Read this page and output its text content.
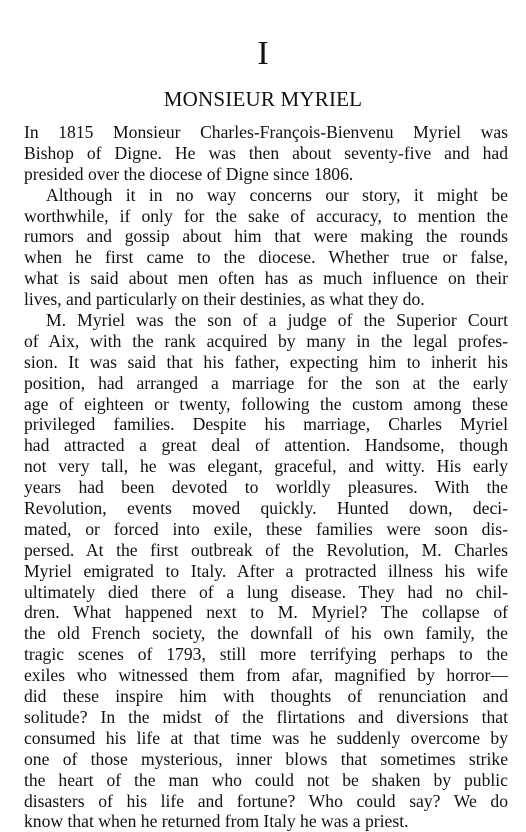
I
MONSIEUR MYRIEL
In 1815 Monsieur Charles-François-Bienvenu Myriel was
Bishop of Digne. He was then about seventy-five and had
presided over the diocese of Digne since 1806.
Although it in no way concerns our story, it might be
worthwhile, if only for the sake of accuracy, to mention the
rumors and gossip about him that were making the rounds
when he first came to the diocese. Whether true or false,
what is said about men often has as much influence on their
lives, and particularly on their destinies, as what they do.
M. Myriel was the son of a judge of the Superior Court
of Aix, with the rank acquired by many in the legal profes-
sion. It was said that his father, expecting him to inherit his
position, had arranged a marriage for the son at the early
age of eighteen or twenty, following the custom among these
privileged families. Despite his marriage, Charles Myriel
had attracted a great deal of attention. Handsome, though
not very tall, he was elegant, graceful, and witty. His early
years had been devoted to worldly pleasures. With the
Revolution, events moved quickly. Hunted down, deci-
mated, or forced into exile, these families were soon dis-
persed. At the first outbreak of the Revolution, M. Charles
Myriel emigrated to Italy. After a protracted illness his wife
ultimately died there of a lung disease. They had no chil-
dren. What happened next to M. Myriel? The collapse of
the old French society, the downfall of his own family, the
tragic scenes of 1793, still more terrifying perhaps to the
exiles who witnessed them from afar, magnified by horror—
did these inspire him with thoughts of renunciation and
solitude? In the midst of the flirtations and diversions that
consumed his life at that time was he suddenly overcome by
one of those mysterious, inner blows that sometimes strike
the heart of the man who could not be shaken by public
disasters of his life and fortune? Who could say? We do
know that when he returned from Italy he was a priest.
